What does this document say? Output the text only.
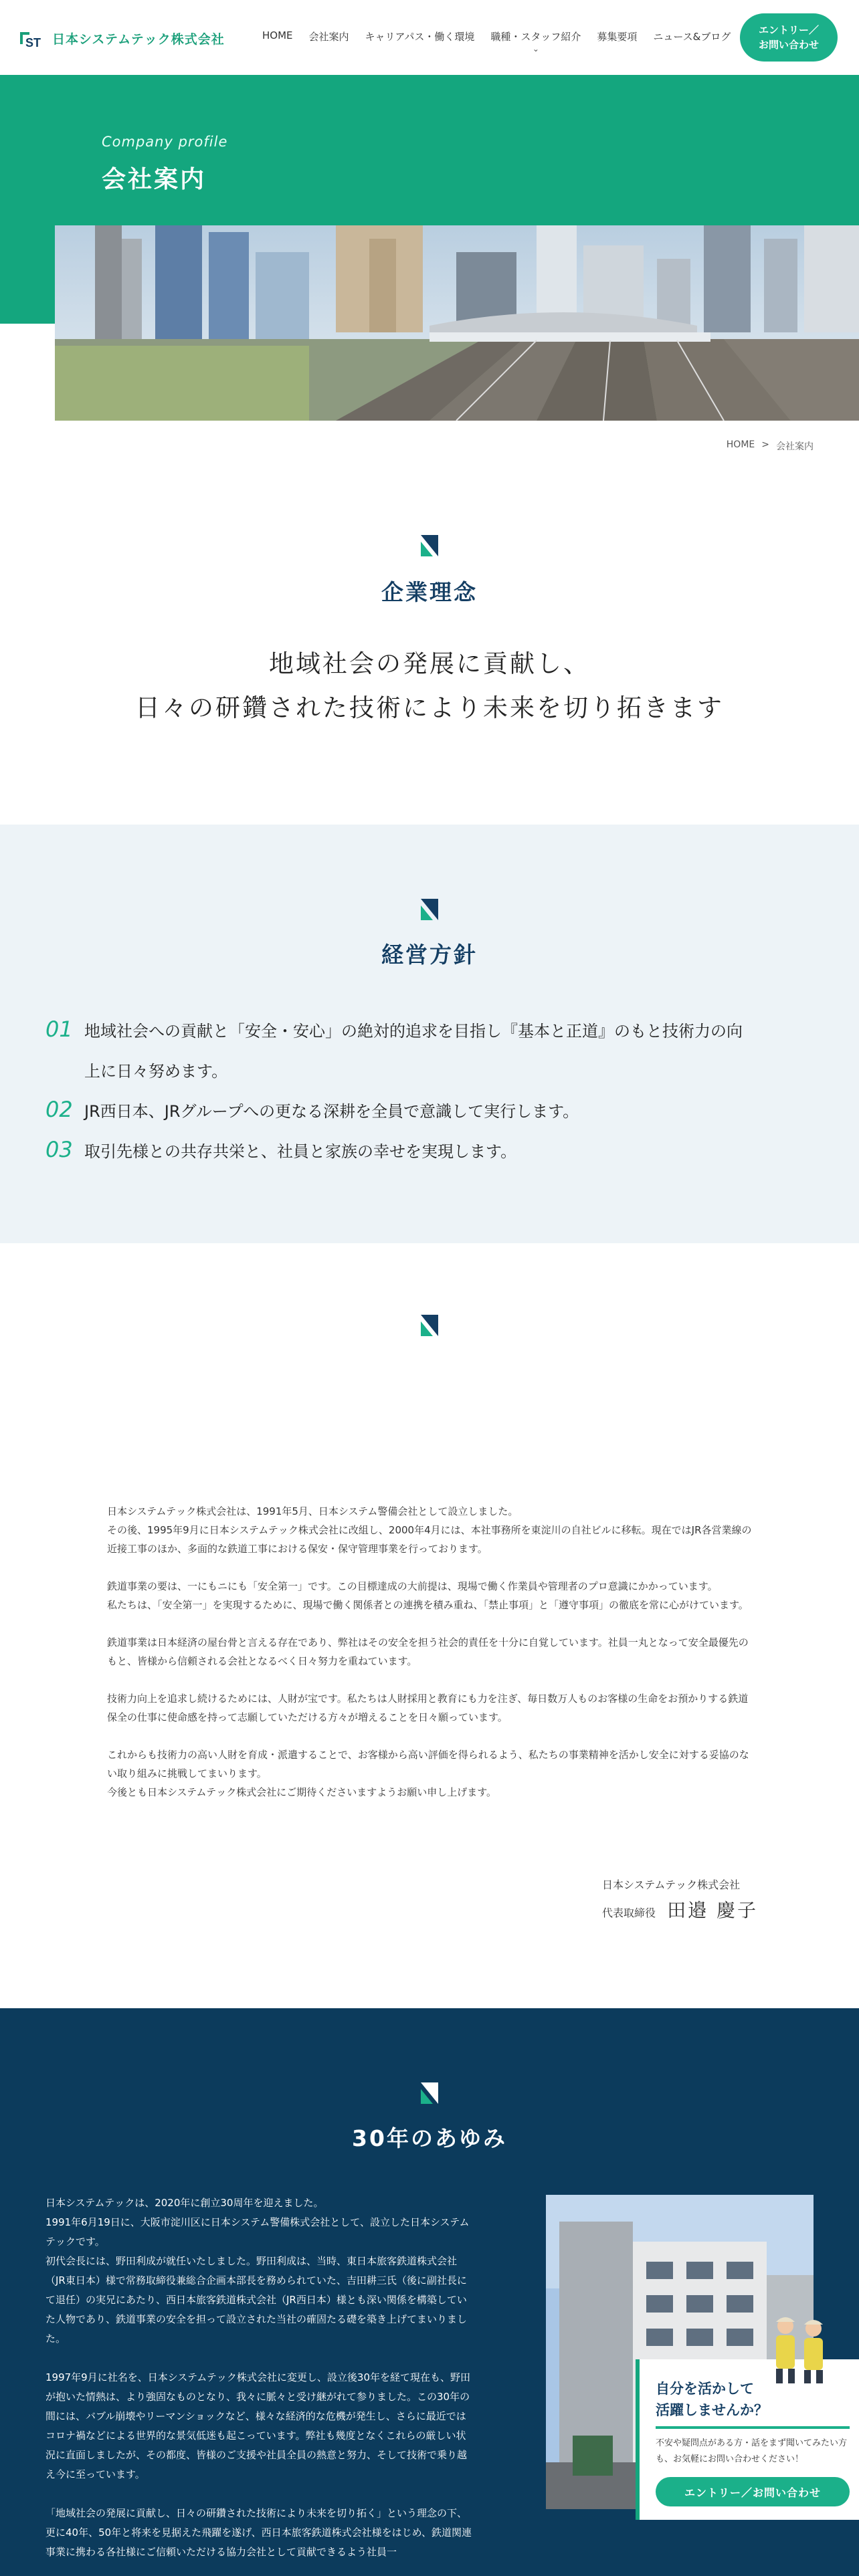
ST 日本システムテック株式会社	HOME	会社案内	キャリアパス・働く環境	職種・スタッフ紹介
⌄
募集要項	ニュース&ブログ
エントリー／
お問い合わせ
Company profile
会社案内
HOME > 会社案内
企業理念
地域社会の発展に貢献し、
日々の研鑽された技術により未来を切り拓きます
経営方針
01 地域社会への貢献と「安全・安心」の絶対的追求を目指し『基本と正道』のもと技術力の向
上に日々努めます。
02 JR西日本、JRグループへの更なる深耕を全員で意識して実行します。
03 取引先様との共存共栄と、社員と家族の幸せを実現します。

日本システムテック株式会社は、1991年5月、日本システム警備会社として設立しました。
その後、1995年9月に日本システムテック株式会社に改組し、2000年4月には、本社事務所を東淀川の自社ビルに移転。現在ではJR各営業線の近接工事のほか、多面的な鉄道工事における保安・保守管理事業を行っております。

鉄道事業の要は、一にもニにも「安全第一」です。この目標達成の大前提は、現場で働く作業員や管理者のプロ意識にかかっています。
私たちは、「安全第一」を実現するために、現場で働く関係者との連携を積み重ね、「禁止事項」と「遵守事項」の徹底を常に心がけています。

鉄道事業は日本経済の屋台骨と言える存在であり、弊社はその安全を担う社会的責任を十分に自覚しています。社員一丸となって安全最優先のもと、皆様から信頼される会社となるべく日々努力を重ねています。

技術力向上を追求し続けるためには、人財が宝です。私たちは人財採用と教育にも力を注ぎ、毎日数万人ものお客様の生命をお預かりする鉄道保全の仕事に使命感を持って志願していただける方々が増えることを日々願っています。

これからも技術力の高い人財を育成・派遣することで、お客様から高い評価を得られるよう、私たちの事業精神を活かし安全に対する妥協のない取り組みに挑戦してまいります。
今後とも日本システムテック株式会社にご期待くださいますようお願い申し上げます。

日本システムテック株式会社
代表取締役 田邉 慶子
30年のあゆみ

日本システムテックは、2020年に創立30周年を迎えました。
1991年6月19日に、大阪市淀川区に日本システム警備株式会社として、設立した日本システムテックです。
初代会長には、野田利成が就任いたしました。野田利成は、当時、東日本旅客鉄道株式会社（JR東日本）様で常務取締役兼総合企画本部長を務められていた、吉田耕三氏（後に副社長にて退任）の実兄にあたり、西日本旅客鉄道株式会社（JR西日本）様とも深い関係を構築していた人物であり、鉄道事業の安全を担って設立された当社の確固たる礎を築き上げてまいりました。

1997年9月に社名を、日本システムテック株式会社に変更し、設立後30年を経て現在も、野田が抱いた情熱は、より強固なものとなり、我々に脈々と受け継がれて参りました。この30年の間には、バブル崩壊やリーマンショックなど、様々な経済的な危機が発生し、さらに最近ではコロナ禍などによる世界的な景気低迷も起こっています。弊社も幾度となくこれらの厳しい状況に直面しましたが、その都度、皆様のご支援や社員全員の熱意と努力、そして技術で乗り越え今に至っています。

「地域社会の発展に貢献し、日々の研鑽された技術により未来を切り拓く」という理念の下、更に40年、50年と将来を見据えた飛躍を遂げ、西日本旅客鉄道株式会社様をはじめ、鉄道関連事業に携わる各社様にご信頼いただける協力会社として貢献できるよう社員一

自分を活かして
活躍しませんか？
不安や疑問点がある方・話をまず聞いてみたい方も、お気軽にお問い合わせください！
エントリー／お問い合わせ
✕
